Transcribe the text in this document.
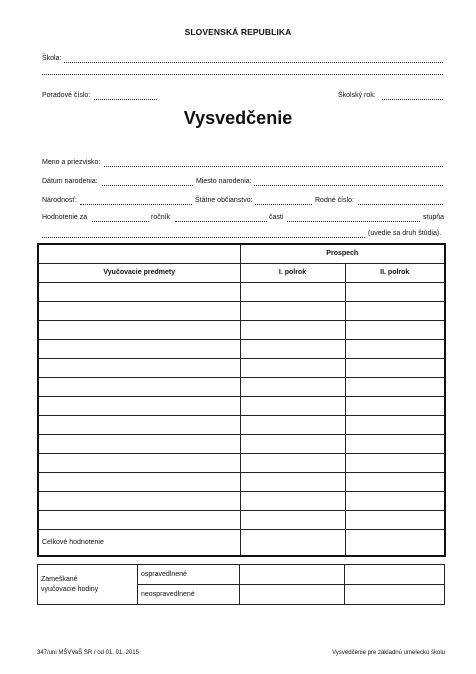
SLOVENSKÁ REPUBLIKA
Škola:
Poradové číslo:	Školský rok:
Vysvedčenie
Meno a priezvisko:
Dátum narodenia:	Miesto narodenia:
Národnosť:	Štátne občianstvo:	Rodné číslo:
Hodnotenie za	ročník	časti	stupňa
(uvedie sa druh štúdia).
	Prospech	
Vyučovacie predmety	I. polrok	II. polrok

Celkové hodnotenie		
Zameškané vyučovacie hodiny	ospravedlnené		
	neospravedlnené		
347/uni MŠVVaŠ SR / od 01. 01. 2015	Vysvedčenie pre základnú umeleckú školu
